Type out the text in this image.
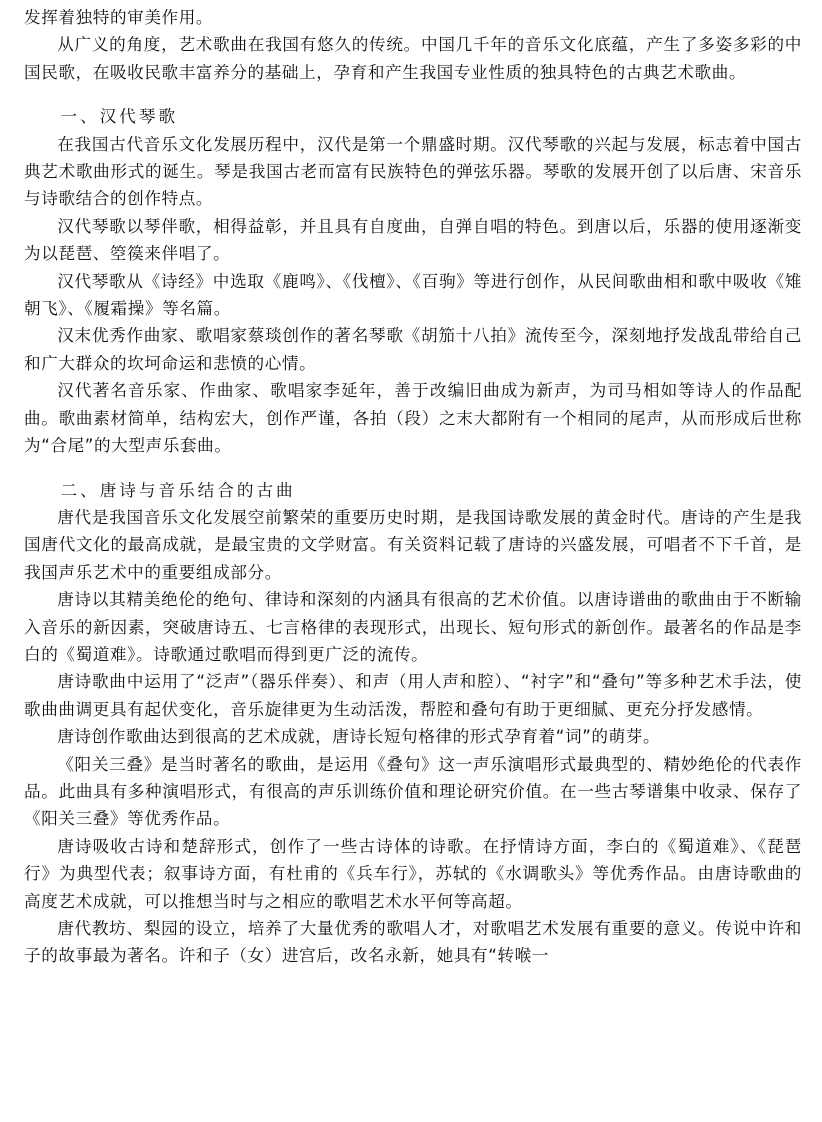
发挥着独特的审美作用。

从广义的角度，艺术歌曲在我国有悠久的传统。中国几千年的音乐文化底蕴，产生了多姿多彩的中国民歌，在吸收民歌丰富养分的基础上，孕育和产生我国专业性质的独具特色的古典艺术歌曲。

一、汉代琴歌

在我国古代音乐文化发展历程中，汉代是第一个鼎盛时期。汉代琴歌的兴起与发展，标志着中国古典艺术歌曲形式的诞生。琴是我国古老而富有民族特色的弹弦乐器。琴歌的发展开创了以后唐、宋音乐与诗歌结合的创作特点。

汉代琴歌以琴伴歌，相得益彰，并且具有自度曲，自弹自唱的特色。到唐以后，乐器的使用逐渐变为以琵琶、箜篌来伴唱了。

汉代琴歌从《诗经》中选取《鹿鸣》、《伐檀》、《百驹》等进行创作，从民间歌曲相和歌中吸收《雉朝飞》、《履霜操》等名篇。

汉末优秀作曲家、歌唱家蔡琰创作的著名琴歌《胡笳十八拍》流传至今，深刻地抒发战乱带给自己和广大群众的坎坷命运和悲愤的心情。

汉代著名音乐家、作曲家、歌唱家李延年，善于改编旧曲成为新声，为司马相如等诗人的作品配曲。歌曲素材简单，结构宏大，创作严谨，各拍（段）之末大都附有一个相同的尾声，从而形成后世称为“合尾”的大型声乐套曲。

二、唐诗与音乐结合的古曲

唐代是我国音乐文化发展空前繁荣的重要历史时期，是我国诗歌发展的黄金时代。唐诗的产生是我国唐代文化的最高成就，是最宝贵的文学财富。有关资料记载了唐诗的兴盛发展，可唱者不下千首，是我国声乐艺术中的重要组成部分。

唐诗以其精美绝伦的绝句、律诗和深刻的内涵具有很高的艺术价值。以唐诗谱曲的歌曲由于不断输入音乐的新因素，突破唐诗五、七言格律的表现形式，出现长、短句形式的新创作。最著名的作品是李白的《蜀道难》。诗歌通过歌唱而得到更广泛的流传。

唐诗歌曲中运用了“泛声”（器乐伴奏）、和声（用人声和腔）、“衬字”和“叠句”等多种艺术手法，使歌曲曲调更具有起伏变化，音乐旋律更为生动活泼，帮腔和叠句有助于更细腻、更充分抒发感情。

唐诗创作歌曲达到很高的艺术成就，唐诗长短句格律的形式孕育着“词”的萌芽。

《阳关三叠》是当时著名的歌曲，是运用《叠句》这一声乐演唱形式最典型的、精妙绝伦的代表作品。此曲具有多种演唱形式，有很高的声乐训练价值和理论研究价值。在一些古琴谱集中收录、保存了《阳关三叠》等优秀作品。

唐诗吸收古诗和楚辞形式，创作了一些古诗体的诗歌。在抒情诗方面，李白的《蜀道难》、《琵琶行》为典型代表；叙事诗方面，有杜甫的《兵车行》，苏轼的《水调歌头》等优秀作品。由唐诗歌曲的高度艺术成就，可以推想当时与之相应的歌唱艺术水平何等高超。

唐代教坊、梨园的设立，培养了大量优秀的歌唱人才，对歌唱艺术发展有重要的意义。传说中许和子的故事最为著名。许和子（女）进宫后，改名永新，她具有“转喉一
